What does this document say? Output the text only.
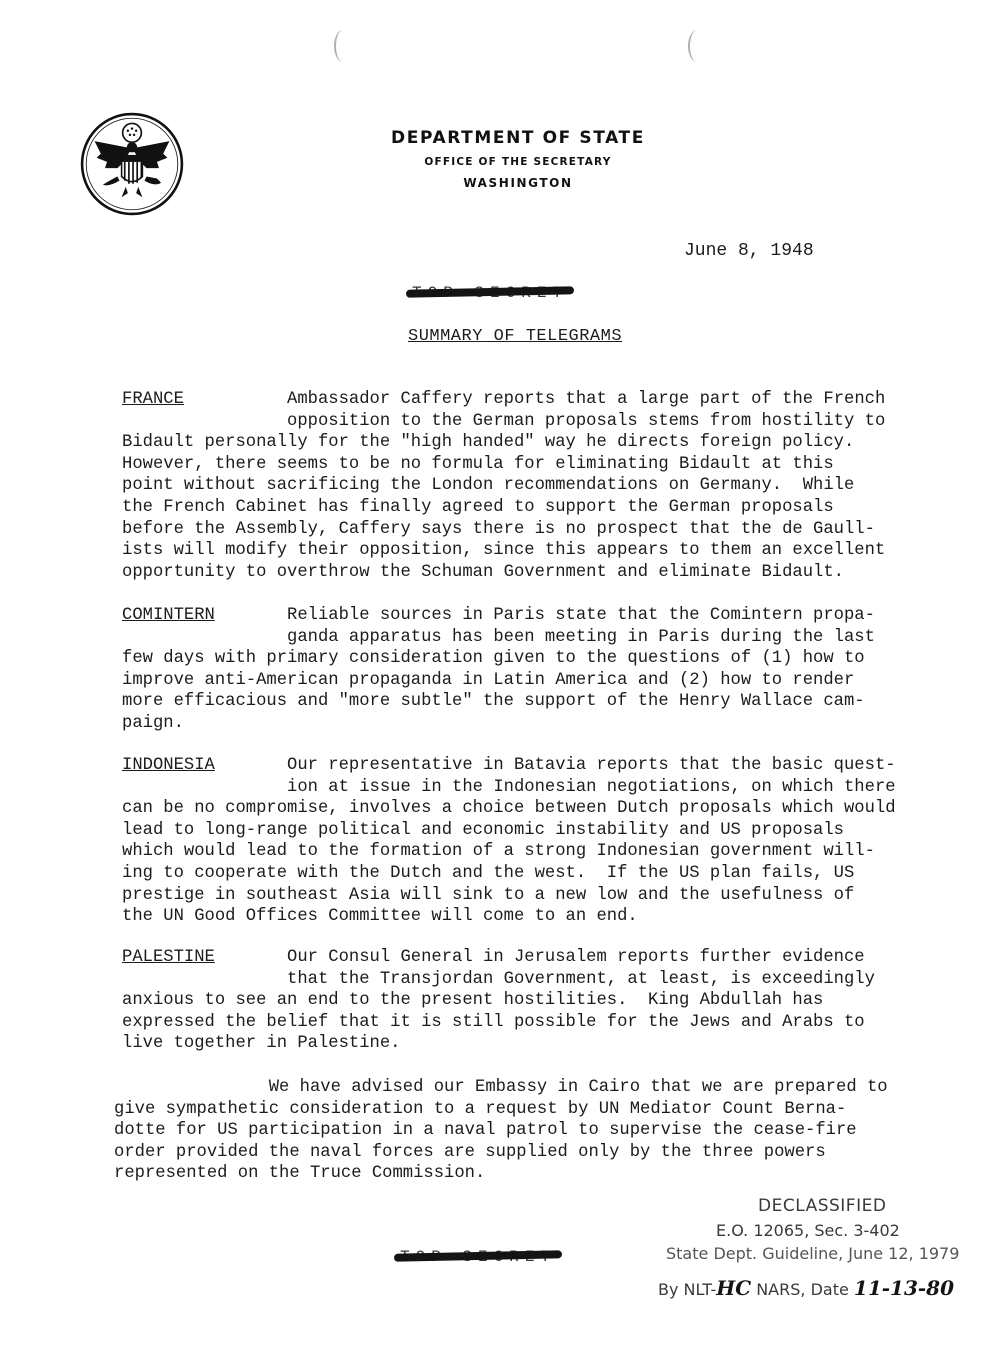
DEPARTMENT OF STATE
OFFICE OF THE SECRETARY
WASHINGTON
June 8, 1948
SUMMARY OF TELEGRAMS
FRANCE	Ambassador Caffery reports that a large part of the French
opposition to the German proposals stems from hostility to
Bidault personally for the "high handed" way he directs foreign policy.
However, there seems to be no formula for eliminating Bidault at this
point without sacrificing the London recommendations on Germany.  While
the French Cabinet has finally agreed to support the German proposals
before the Assembly, Caffery says there is no prospect that the de Gaull-
ists will modify their opposition, since this appears to them an excellent
opportunity to overthrow the Schuman Government and eliminate Bidault.
COMINTERN	Reliable sources in Paris state that the Comintern propa-
ganda apparatus has been meeting in Paris during the last
few days with primary consideration given to the questions of (1) how to
improve anti-American propaganda in Latin America and (2) how to render
more efficacious and "more subtle" the support of the Henry Wallace cam-
paign.
INDONESIA	Our representative in Batavia reports that the basic quest-
ion at issue in the Indonesian negotiations, on which there
can be no compromise, involves a choice between Dutch proposals which would
lead to long-range political and economic instability and US proposals
which would lead to the formation of a strong Indonesian government will-
ing to cooperate with the Dutch and the west.  If the US plan fails, US
prestige in southeast Asia will sink to a new low and the usefulness of
the UN Good Offices Committee will come to an end.
PALESTINE	Our Consul General in Jerusalem reports further evidence
that the Transjordan Government, at least, is exceedingly
anxious to see an end to the present hostilities.  King Abdullah has
expressed the belief that it is still possible for the Jews and Arabs to
live together in Palestine.
We have advised our Embassy in Cairo that we are prepared to
give sympathetic consideration to a request by UN Mediator Count Berna-
dotte for US participation in a naval patrol to supervise the cease-fire
order provided the naval forces are supplied only by the three powers
represented on the Truce Commission.
DECLASSIFIED
E.O. 12065, Sec. 3-402
State Dept. Guideline, June 12, 1979
By NLT-HC NARS, Date 11-13-80
